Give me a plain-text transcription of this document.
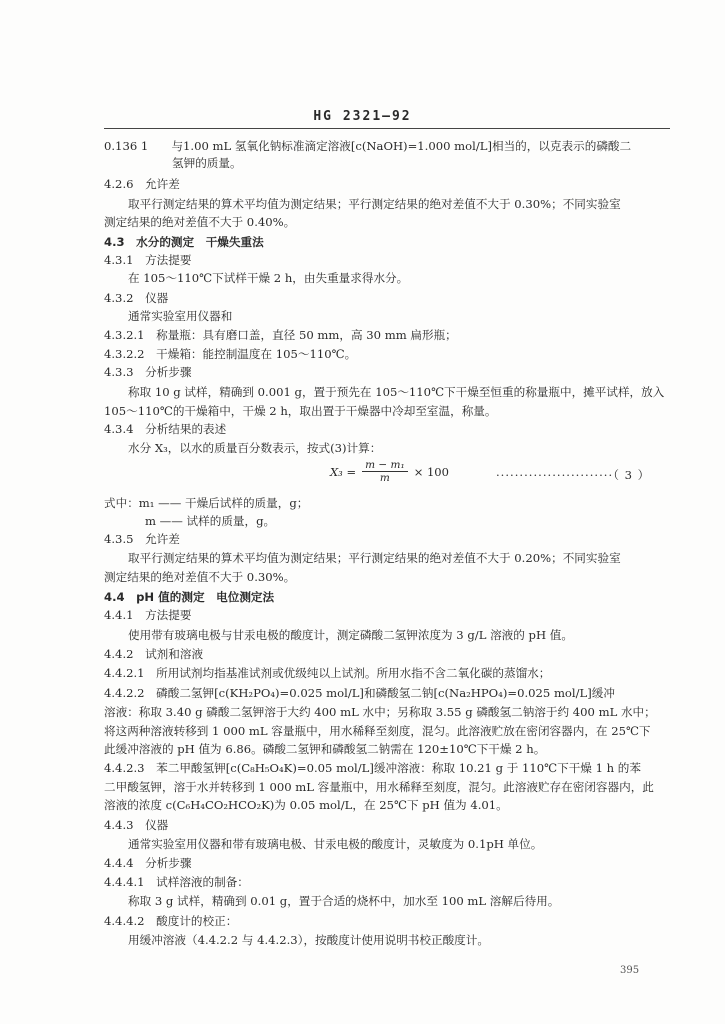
HG 2321—92
0.136 1　　与1.00 mL 氢氧化钠标准滴定溶液[c(NaOH)=1.000 mol/L]相当的，以克表示的磷酸二
氢钾的质量。
4.2.6　允许差
取平行测定结果的算术平均值为测定结果；平行测定结果的绝对差值不大于 0.30%；不同实验室
测定结果的绝对差值不大于 0.40%。
4.3　水分的测定　干燥失重法
4.3.1　方法提要
在 105～110℃下试样干燥 2 h，由失重量求得水分。
4.3.2　仪器
通常实验室用仪器和
4.3.2.1　称量瓶：具有磨口盖，直径 50 mm，高 30 mm 扁形瓶；
4.3.2.2　干燥箱：能控制温度在 105～110℃。
4.3.3　分析步骤
称取 10 g 试样，精确到 0.001 g，置于预先在 105～110℃下干燥至恒重的称量瓶中，摊平试样，放入
105～110℃的干燥箱中，干燥 2 h，取出置于干燥器中冷却至室温，称量。
4.3.4　分析结果的表述
水分 X₃，以水的质量百分数表示，按式(3)计算：
$X_3 = \frac{\text{m − m₁}}{m} \times 100$	·························（ 3 ）
式中：m₁ —— 干燥后试样的质量，g；
m —— 试样的质量，g。
4.3.5　允许差
取平行测定结果的算术平均值为测定结果；平行测定结果的绝对差值不大于 0.20%；不同实验室
测定结果的绝对差值不大于 0.30%。
4.4　pH 值的测定　电位测定法
4.4.1　方法提要
使用带有玻璃电极与甘汞电极的酸度计，测定磷酸二氢钾浓度为 3 g/L 溶液的 pH 值。
4.4.2　试剂和溶液
4.4.2.1　所用试剂均指基准试剂或优级纯以上试剂。所用水指不含二氧化碳的蒸馏水；
4.4.2.2　磷酸二氢钾[c(KH₂PO₄)=0.025 mol/L]和磷酸氢二钠[c(Na₂HPO₄)=0.025 mol/L]缓冲
溶液：称取 3.40 g 磷酸二氢钾溶于大约 400 mL 水中；另称取 3.55 g 磷酸氢二钠溶于约 400 mL 水中；
将这两种溶液转移到 1 000 mL 容量瓶中，用水稀释至刻度，混匀。此溶液贮放在密闭容器内，在 25℃下
此缓冲溶液的 pH 值为 6.86。磷酸二氢钾和磷酸氢二钠需在 120±10℃下干燥 2 h。
4.4.2.3　苯二甲酸氢钾[c(C₈H₅O₄K)=0.05 mol/L]缓冲溶液：称取 10.21 g 于 110℃下干燥 1 h 的苯
二甲酸氢钾，溶于水并转移到 1 000 mL 容量瓶中，用水稀释至刻度，混匀。此溶液贮存在密闭容器内，此
溶液的浓度 c(C₆H₄CO₂HCO₂K)为 0.05 mol/L，在 25℃下 pH 值为 4.01。
4.4.3　仪器
通常实验室用仪器和带有玻璃电极、甘汞电极的酸度计，灵敏度为 0.1pH 单位。
4.4.4　分析步骤
4.4.4.1　试样溶液的制备：
称取 3 g 试样，精确到 0.01 g，置于合适的烧杯中，加水至 100 mL 溶解后待用。
4.4.4.2　酸度计的校正：
用缓冲溶液（4.4.2.2 与 4.4.2.3），按酸度计使用说明书校正酸度计。
395
